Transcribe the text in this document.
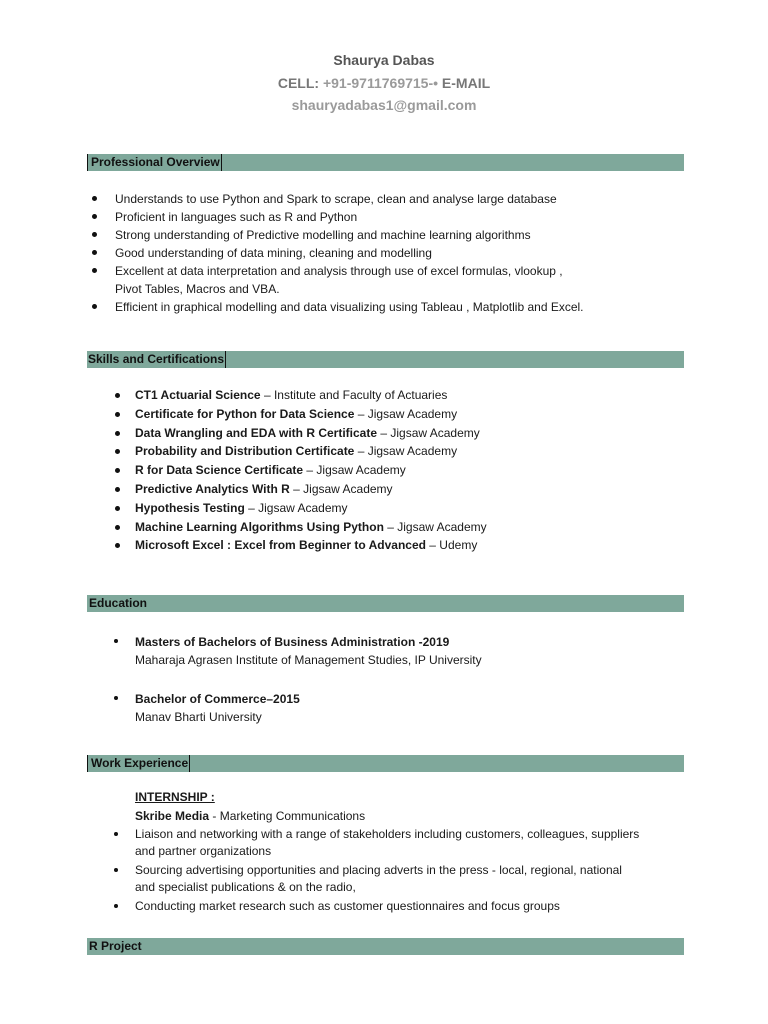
Shaurya Dabas
CELL: +91-9711769715-• E-MAIL
shauryadabas1@gmail.com
Professional Overview
Understands to use Python and Spark to scrape, clean and analyse large database
Proficient in languages such as R and Python
Strong understanding of Predictive modelling and machine learning algorithms
Good understanding of data mining, cleaning and modelling
Excellent at data interpretation and analysis through use of excel formulas, vlookup ,
Pivot Tables, Macros and VBA.
Efficient in graphical modelling and data visualizing using Tableau , Matplotlib and Excel.
Skills and Certifications
CT1 Actuarial Science – Institute and Faculty of Actuaries
Certificate for Python for Data Science – Jigsaw Academy
Data Wrangling and EDA with R Certificate – Jigsaw Academy
Probability and Distribution Certificate – Jigsaw Academy
R for Data Science Certificate – Jigsaw Academy
Predictive Analytics With R – Jigsaw Academy
Hypothesis Testing – Jigsaw Academy
Machine Learning Algorithms Using Python – Jigsaw Academy
Microsoft Excel : Excel from Beginner to Advanced – Udemy
Education
Masters of Bachelors of Business Administration -2019
Maharaja Agrasen Institute of Management Studies, IP University
Bachelor of Commerce–2015
Manav Bharti University
Work Experience
INTERNSHIP :
Skribe Media - Marketing Communications
Liaison and networking with a range of stakeholders including customers, colleagues, suppliers
and partner organizations
Sourcing advertising opportunities and placing adverts in the press - local, regional, national
and specialist publications & on the radio,
Conducting market research such as customer questionnaires and focus groups
R Project
